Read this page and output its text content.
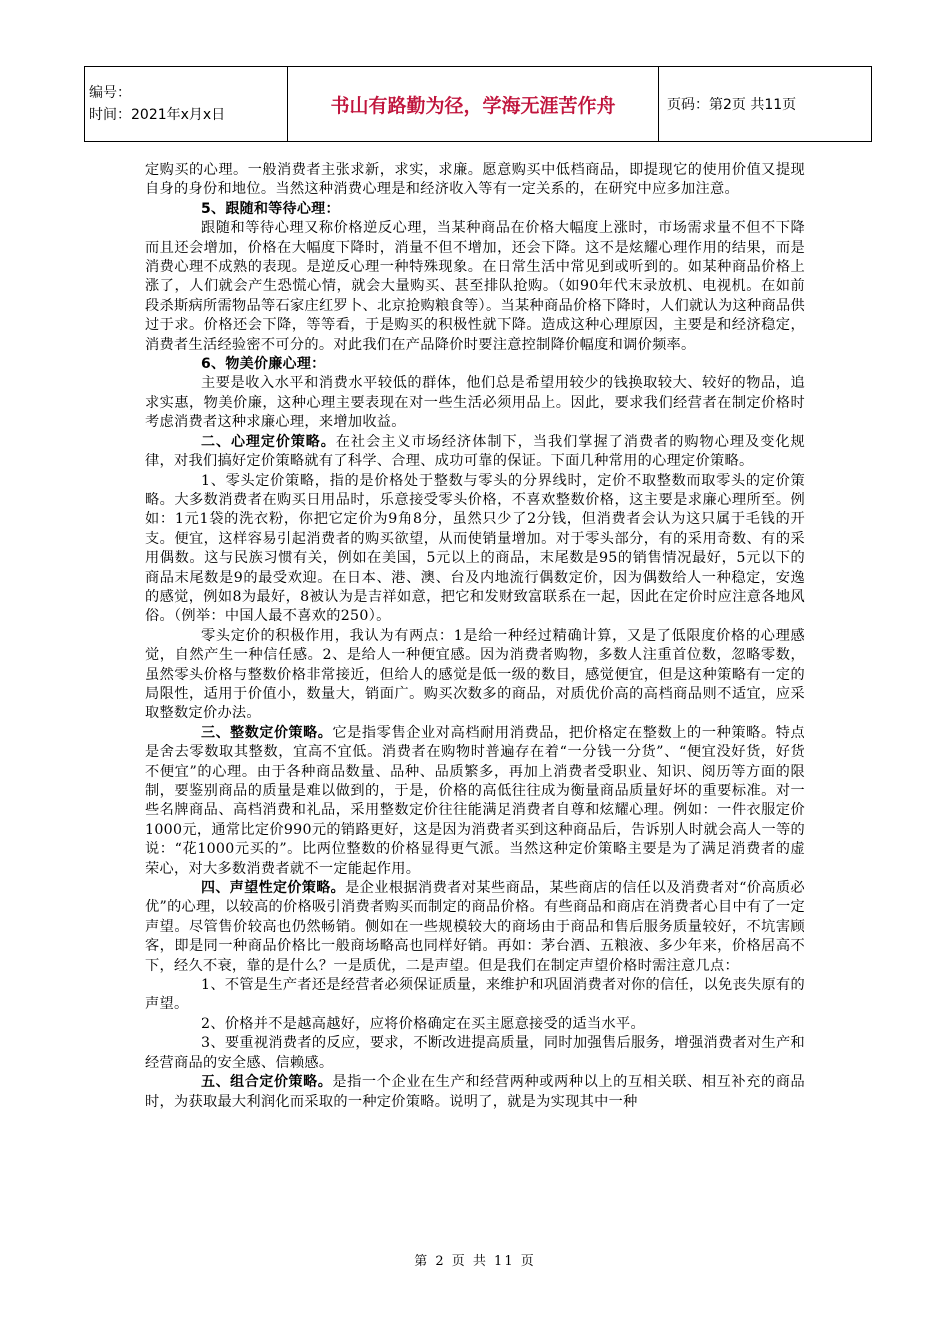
编号：
时间：2021年x月x日	书山有路勤为径，学海无涯苦作舟	页码：第2页 共11页

定购买的心理。一般消费者主张求新，求实，求廉。愿意购买中低档商品，即提现它的使用价值又提现自身的身份和地位。当然这种消费心理是和经济收入等有一定关系的，在研究中应多加注意。

5、跟随和等待心理：

跟随和等待心理又称价格逆反心理，当某种商品在价格大幅度上涨时，市场需求量不但不下降而且还会增加，价格在大幅度下降时，消量不但不增加，还会下降。这不是炫耀心理作用的结果，而是消费心理不成熟的表现。是逆反心理一种特殊现象。在日常生活中常见到或听到的。如某种商品价格上涨了，人们就会产生恐慌心情，就会大量购买、甚至排队抢购。（如90年代末录放机、电视机。在如前段杀斯病所需物品等石家庄红罗卜、北京抢购粮食等）。当某种商品价格下降时，人们就认为这种商品供过于求。价格还会下降，等等看，于是购买的积极性就下降。造成这种心理原因，主要是和经济稳定，消费者生活经验密不可分的。对此我们在产品降价时要注意控制降价幅度和调价频率。

6、物美价廉心理：

主要是收入水平和消费水平较低的群体，他们总是希望用较少的钱换取较大、较好的物品，追求实惠，物美价廉，这种心理主要表现在对一些生活必须用品上。因此，要求我们经营者在制定价格时考虑消费者这种求廉心理，来增加收益。

二、心理定价策略。在社会主义市场经济体制下，当我们掌握了消费者的购物心理及变化规律，对我们搞好定价策略就有了科学、合理、成功可靠的保证。下面几种常用的心理定价策略。

1、零头定价策略，指的是价格处于整数与零头的分界线时，定价不取整数而取零头的定价策略。大多数消费者在购买日用品时，乐意接受零头价格，不喜欢整数价格，这主要是求廉心理所至。例如：1元1袋的洗衣粉，你把它定价为9角8分，虽然只少了2分钱，但消费者会认为这只属于毛钱的开支。便宜，这样容易引起消费者的购买欲望，从而使销量增加。对于零头部分，有的采用奇数、有的采用偶数。这与民族习惯有关，例如在美国，5元以上的商品，末尾数是95的销售情况最好，5元以下的商品末尾数是9的最受欢迎。在日本、港、澳、台及内地流行偶数定价，因为偶数给人一种稳定，安逸的感觉，例如8为最好，8被认为是吉祥如意，把它和发财致富联系在一起，因此在定价时应注意各地风俗。（例举：中国人最不喜欢的250）。

零头定价的积极作用，我认为有两点：1是给一种经过精确计算，又是了低限度价格的心理感觉，自然产生一种信任感。2、是给人一种便宜感。因为消费者购物，多数人注重首位数，忽略零数，虽然零头价格与整数价格非常接近，但给人的感觉是低一级的数目，感觉便宜，但是这种策略有一定的局限性，适用于价值小，数量大，销面广。购买次数多的商品，对质优价高的高档商品则不适宜，应采取整数定价办法。

三、整数定价策略。它是指零售企业对高档耐用消费品，把价格定在整数上的一种策略。特点是舍去零数取其整数，宜高不宜低。消费者在购物时普遍存在着“一分钱一分货”、“便宜没好货，好货不便宜”的心理。由于各种商品数量、品种、品质繁多，再加上消费者受职业、知识、阅历等方面的限制，要鉴别商品的质量是难以做到的，于是，价格的高低往往成为衡量商品质量好坏的重要标准。对一些名牌商品、高档消费和礼品，采用整数定价往往能满足消费者自尊和炫耀心理。例如：一件衣服定价1000元，通常比定价990元的销路更好，这是因为消费者买到这种商品后，告诉别人时就会高人一等的说：“花1000元买的”。比两位整数的价格显得更气派。当然这种定价策略主要是为了满足消费者的虚荣心，对大多数消费者就不一定能起作用。

四、声望性定价策略。是企业根据消费者对某些商品，某些商店的信任以及消费者对“价高质必优”的心理，以较高的价格吸引消费者购买而制定的商品价格。有些商品和商店在消费者心目中有了一定声望。尽管售价较高也仍然畅销。侧如在一些规模较大的商场由于商品和售后服务质量较好，不坑害顾客，即是同一种商品价格比一般商场略高也同样好销。再如：茅台酒、五粮液、多少年来，价格居高不下，经久不衰，靠的是什么？一是质优，二是声望。但是我们在制定声望价格时需注意几点：

1、不管是生产者还是经营者必须保证质量，来维护和巩固消费者对你的信任，以免丧失原有的声望。

2、价格并不是越高越好，应将价格确定在买主愿意接受的适当水平。

3、要重视消费者的反应，要求，不断改进提高质量，同时加强售后服务，增强消费者对生产和经营商品的安全感、信赖感。

五、组合定价策略。是指一个企业在生产和经营两种或两种以上的互相关联、相互补充的商品时，为获取最大利润化而采取的一种定价策略。说明了，就是为实现其中一种

第 2 页 共 11 页
